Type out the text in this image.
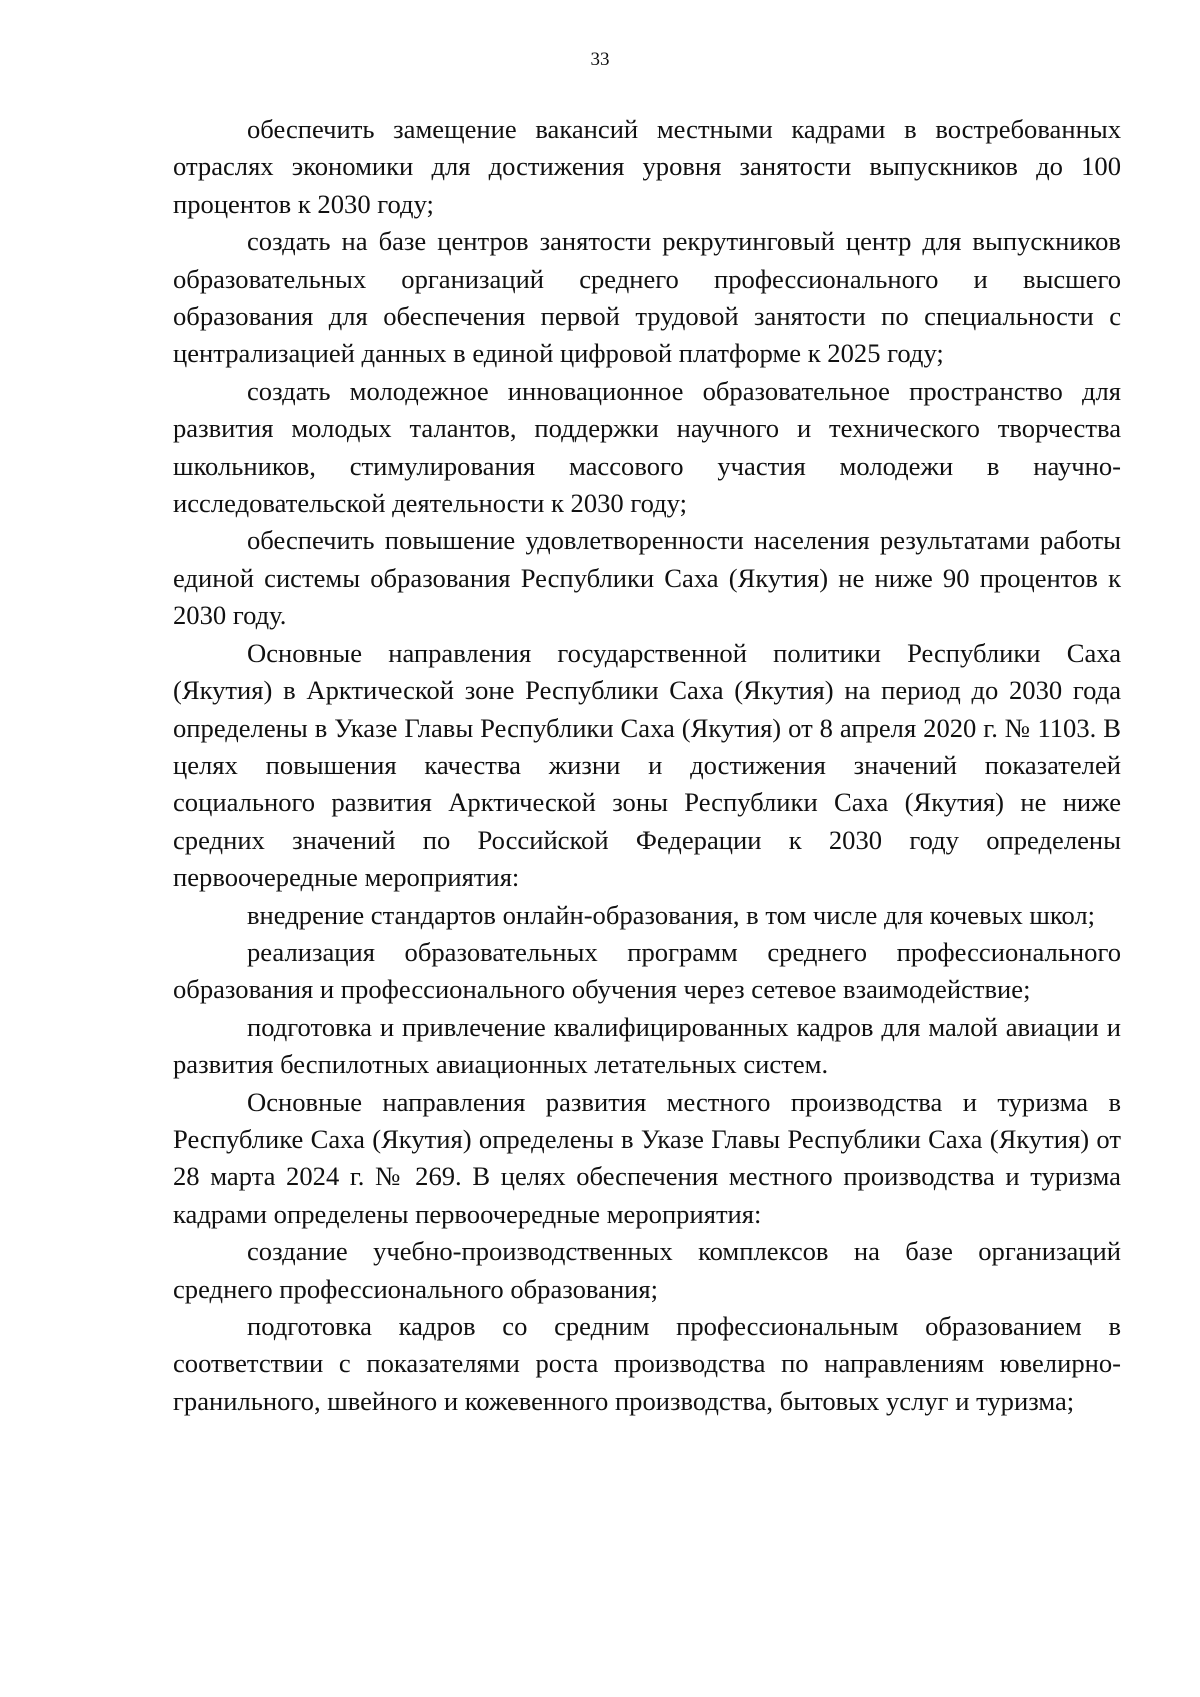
33

обеспечить замещение вакансий местными кадрами в востребованных отраслях экономики для достижения уровня занятости выпускников до 100 процентов к 2030 году;

создать на базе центров занятости рекрутинговый центр для выпускников образовательных организаций среднего профессионального и высшего образования для обеспечения первой трудовой занятости по специальности с централизацией данных в единой цифровой платформе к 2025 году;

создать молодежное инновационное образовательное пространство для развития молодых талантов, поддержки научного и технического творчества школьников, стимулирования массового участия молодежи в научно-исследовательской деятельности к 2030 году;

обеспечить повышение удовлетворенности населения результатами работы единой системы образования Республики Саха (Якутия) не ниже 90 процентов к 2030 году.

Основные направления государственной политики Республики Саха (Якутия) в Арктической зоне Республики Саха (Якутия) на период до 2030 года определены в Указе Главы Республики Саха (Якутия) от 8 апреля 2020 г. № 1103. В целях повышения качества жизни и достижения значений показателей социального развития Арктической зоны Республики Саха (Якутия) не ниже средних значений по Российской Федерации к 2030 году определены первоочередные мероприятия:

внедрение стандартов онлайн-образования, в том числе для кочевых школ;

реализация образовательных программ среднего профессионального образования и профессионального обучения через сетевое взаимодействие;

подготовка и привлечение квалифицированных кадров для малой авиации и развития беспилотных авиационных летательных систем.

Основные направления развития местного производства и туризма в Республике Саха (Якутия) определены в Указе Главы Республики Саха (Якутия) от 28 марта 2024 г. № 269. В целях обеспечения местного производства и туризма кадрами определены первоочередные мероприятия:

создание учебно-производственных комплексов на базе организаций среднего профессионального образования;

подготовка кадров со средним профессиональным образованием в соответствии с показателями роста производства по направлениям ювелирно-гранильного, швейного и кожевенного производства, бытовых услуг и туризма;
